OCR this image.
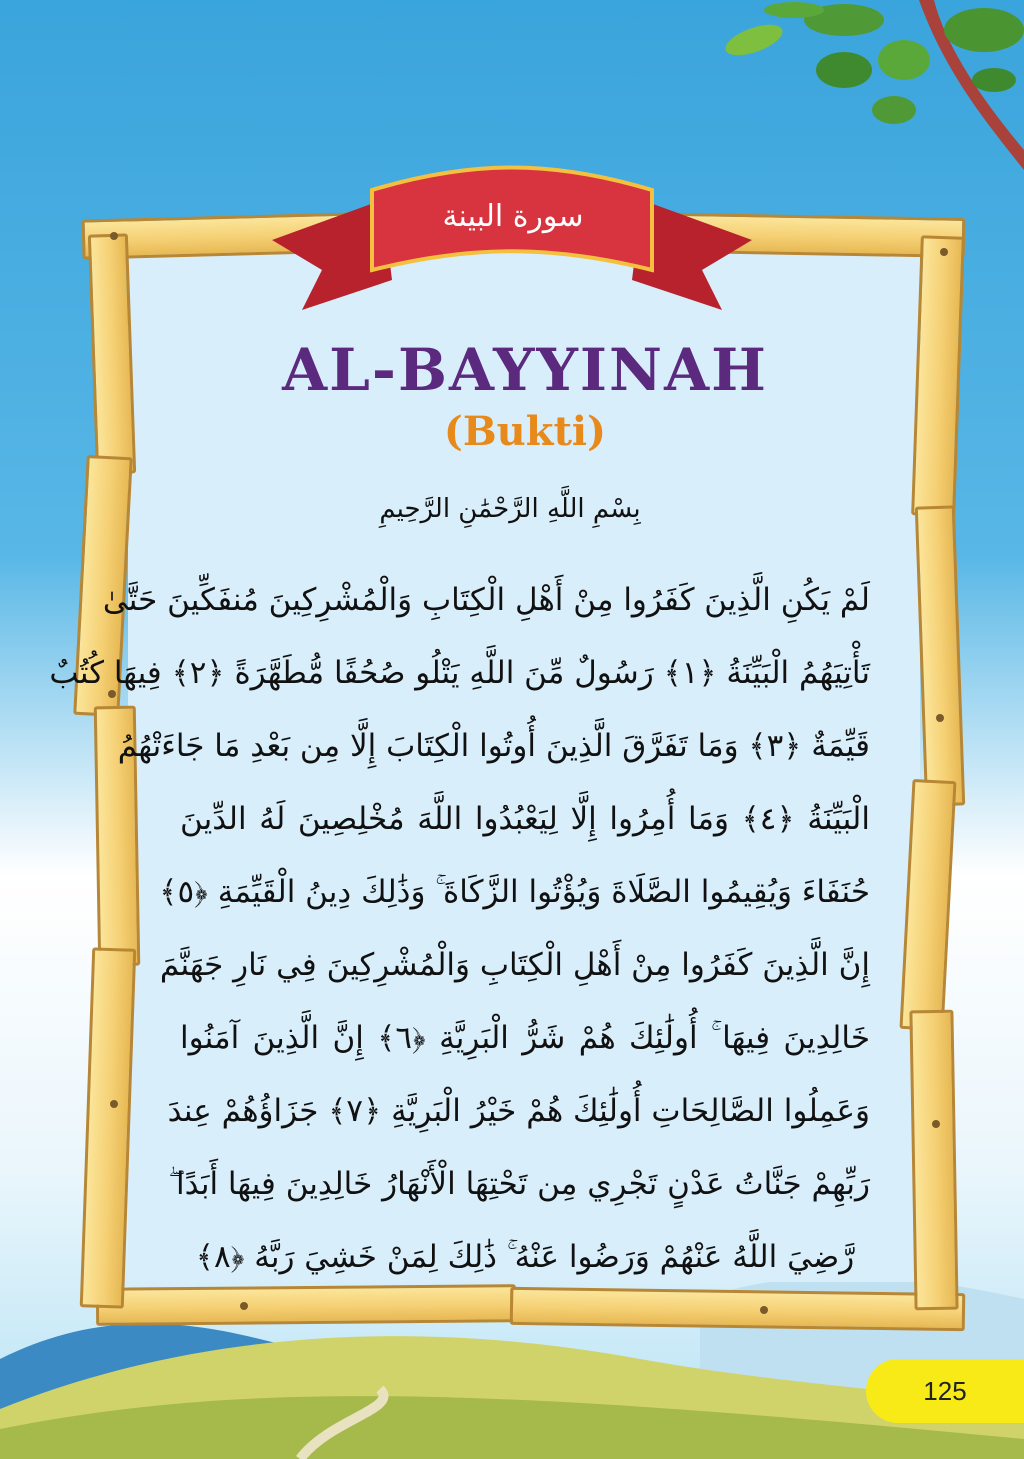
سورة البينة
AL-BAYYINAH
(Bukti)
بِسْمِ اللَّهِ الرَّحْمَٰنِ الرَّحِيمِ
لَمْ يَكُنِ الَّذِينَ كَفَرُوا مِنْ أَهْلِ الْكِتَابِ وَالْمُشْرِكِينَ مُنفَكِّينَ حَتَّىٰ
تَأْتِيَهُمُ الْبَيِّنَةُ ﴿١﴾ رَسُولٌ مِّنَ اللَّهِ يَتْلُو صُحُفًا مُّطَهَّرَةً ﴿٢﴾ فِيهَا كُتُبٌ
قَيِّمَةٌ ﴿٣﴾ وَمَا تَفَرَّقَ الَّذِينَ أُوتُوا الْكِتَابَ إِلَّا مِن بَعْدِ مَا جَاءَتْهُمُ
الْبَيِّنَةُ ﴿٤﴾ وَمَا أُمِرُوا إِلَّا لِيَعْبُدُوا اللَّهَ مُخْلِصِينَ لَهُ الدِّينَ
حُنَفَاءَ وَيُقِيمُوا الصَّلَاةَ وَيُؤْتُوا الزَّكَاةَ ۚ وَذَٰلِكَ دِينُ الْقَيِّمَةِ ﴿٥﴾
إِنَّ الَّذِينَ كَفَرُوا مِنْ أَهْلِ الْكِتَابِ وَالْمُشْرِكِينَ فِي نَارِ جَهَنَّمَ
خَالِدِينَ فِيهَا ۚ أُولَٰئِكَ هُمْ شَرُّ الْبَرِيَّةِ ﴿٦﴾ إِنَّ الَّذِينَ آمَنُوا
وَعَمِلُوا الصَّالِحَاتِ أُولَٰئِكَ هُمْ خَيْرُ الْبَرِيَّةِ ﴿٧﴾ جَزَاؤُهُمْ عِندَ
رَبِّهِمْ جَنَّاتُ عَدْنٍ تَجْرِي مِن تَحْتِهَا الْأَنْهَارُ خَالِدِينَ فِيهَا أَبَدًا ۖ
رَّضِيَ اللَّهُ عَنْهُمْ وَرَضُوا عَنْهُ ۚ ذَٰلِكَ لِمَنْ خَشِيَ رَبَّهُ ﴿٨﴾
125
